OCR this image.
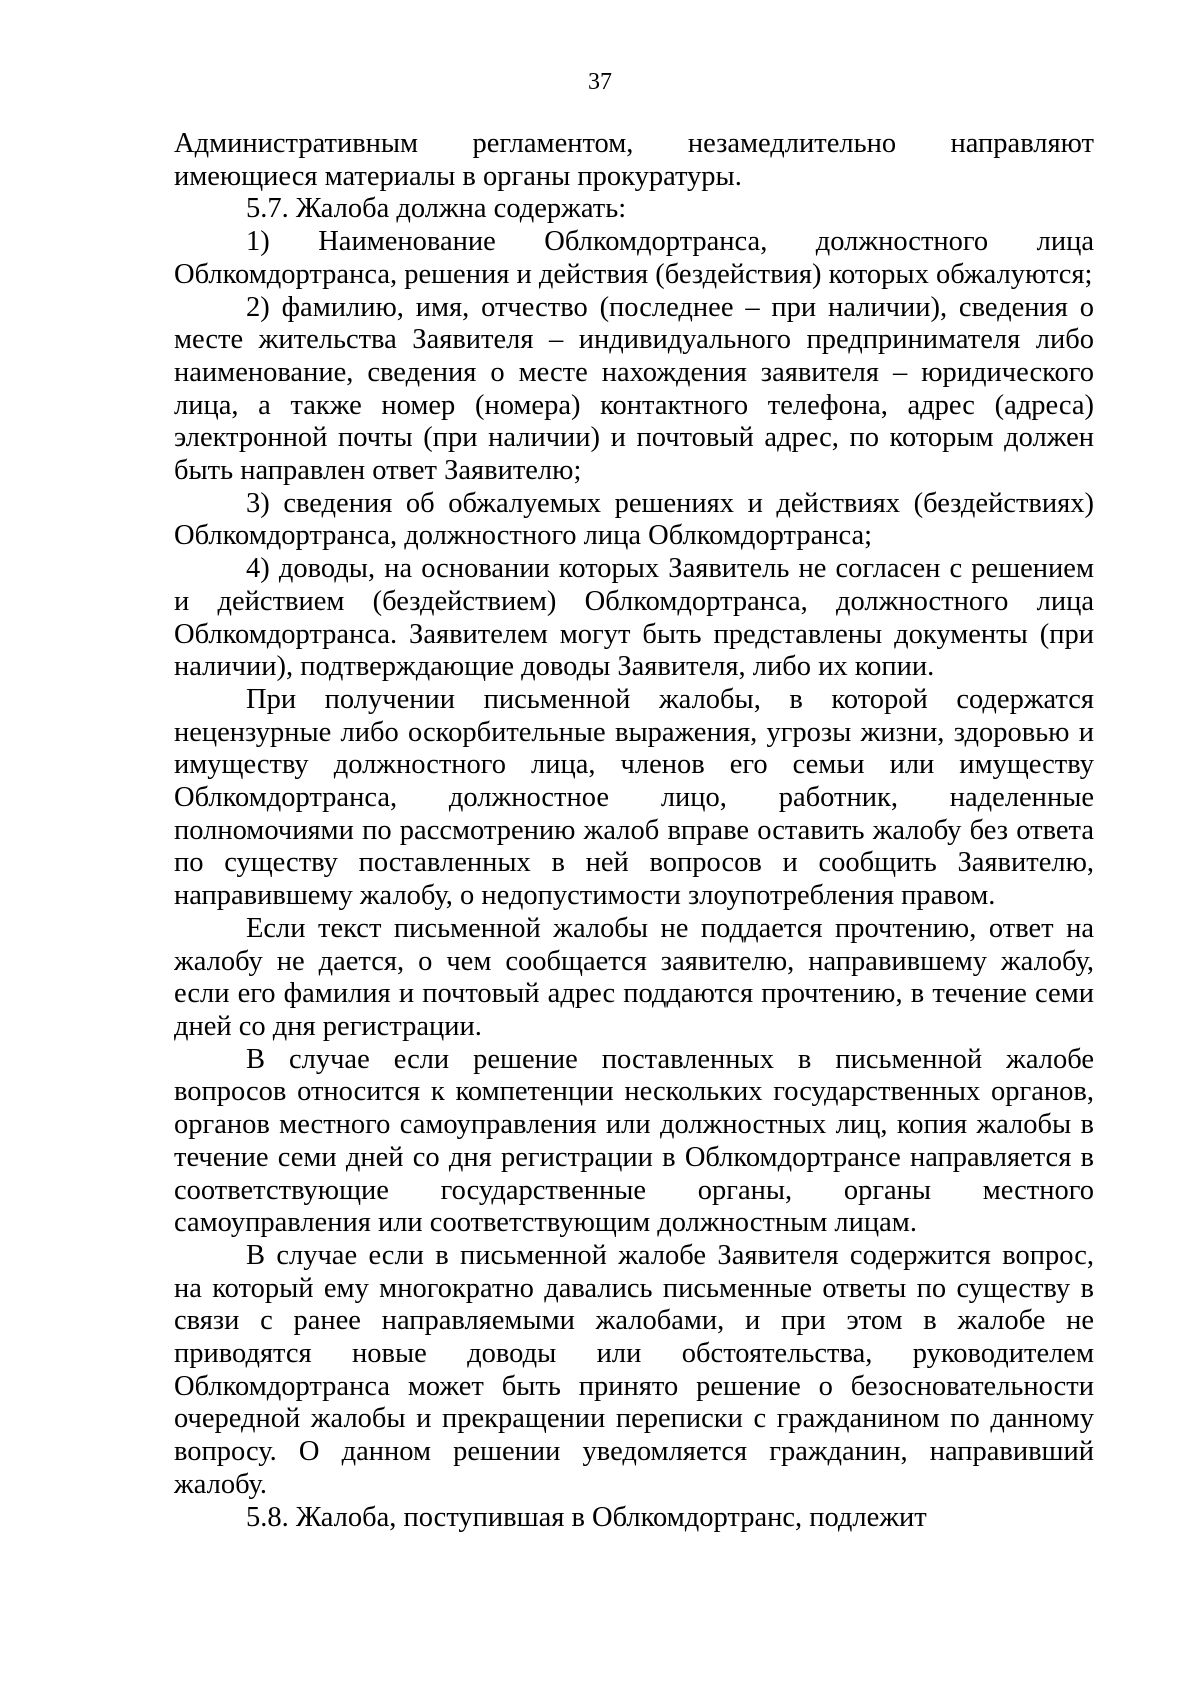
37

Административным регламентом, незамедлительно направляют имеющиеся материалы в органы прокуратуры.

5.7. Жалоба должна содержать:

1) Наименование Облкомдортранса, должностного лица Облкомдортранса, решения и действия (бездействия) которых обжалуются;

2) фамилию, имя, отчество (последнее – при наличии), сведения о месте жительства Заявителя – индивидуального предпринимателя либо наименование, сведения о месте нахождения заявителя – юридического лица, а также номер (номера) контактного телефона, адрес (адреса) электронной почты (при наличии) и почтовый адрес, по которым должен быть направлен ответ Заявителю;

3) сведения об обжалуемых решениях и действиях (бездействиях) Облкомдортранса, должностного лица Облкомдортранса;

4) доводы, на основании которых Заявитель не согласен с решением и действием (бездействием) Облкомдортранса, должностного лица Облкомдортранса. Заявителем могут быть представлены документы (при наличии), подтверждающие доводы Заявителя, либо их копии.

При получении письменной жалобы, в которой содержатся нецензурные либо оскорбительные выражения, угрозы жизни, здоровью и имуществу должностного лица, членов его семьи или имуществу Облкомдортранса, должностное лицо, работник, наделенные полномочиями по рассмотрению жалоб вправе оставить жалобу без ответа по существу поставленных в ней вопросов и сообщить Заявителю, направившему жалобу, о недопустимости злоупотребления правом.

Если текст письменной жалобы не поддается прочтению, ответ на жалобу не дается, о чем сообщается заявителю, направившему жалобу, если его фамилия и почтовый адрес поддаются прочтению, в течение семи дней со дня регистрации.

В случае если решение поставленных в письменной жалобе вопросов относится к компетенции нескольких государственных органов, органов местного самоуправления или должностных лиц, копия жалобы в течение семи дней со дня регистрации в Облкомдортрансе направляется в соответствующие государственные органы, органы местного самоуправления или соответствующим должностным лицам.

В случае если в письменной жалобе Заявителя содержится вопрос, на который ему многократно давались письменные ответы по существу в связи с ранее направляемыми жалобами, и при этом в жалобе не приводятся новые доводы или обстоятельства, руководителем Облкомдортранса может быть принято решение о безосновательности очередной жалобы и прекращении переписки с гражданином по данному вопросу. О данном решении уведомляется гражданин, направивший жалобу.

5.8. Жалоба, поступившая в Облкомдортранс, подлежит
